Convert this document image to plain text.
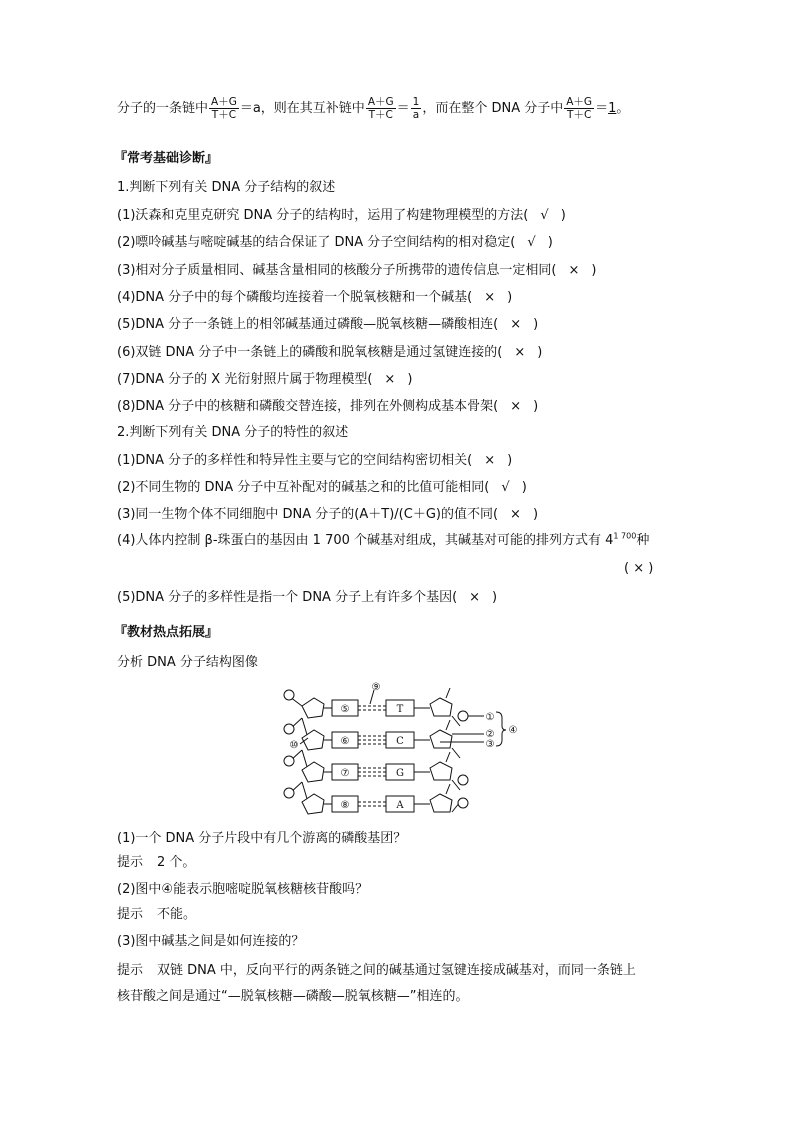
分子的一条链中 $\frac{A+G}{T+C} =a$，则在其互补链中 $\frac{A+G}{T+C} = \frac{1}{a}$ ，而在整个 DNA 分子中 $\frac{A+G}{T+C} =1$。
『常考基础诊断』
1.判断下列有关 DNA 分子结构的叙述
(1)沃森和克里克研究 DNA 分子的结构时，运用了构建物理模型的方法( √ )
(2)嘌呤碱基与嘧啶碱基的结合保证了 DNA 分子空间结构的相对稳定( √ )
(3)相对分子质量相同、碱基含量相同的核酸分子所携带的遗传信息一定相同( × )
(4)DNA 分子中的每个磷酸均连接着一个脱氧核糖和一个碱基( × )
(5)DNA 分子一条链上的相邻碱基通过磷酸—脱氧核糖—磷酸相连( × )
(6)双链 DNA 分子中一条链上的磷酸和脱氧核糖是通过氢键连接的( × )
(7)DNA 分子的 X 光衍射照片属于物理模型( × )
(8)DNA 分子中的核糖和磷酸交替连接，排列在外侧构成基本骨架( × )
2.判断下列有关 DNA 分子的特性的叙述
(1)DNA 分子的多样性和特异性主要与它的空间结构密切相关( × )
(2)不同生物的 DNA 分子中互补配对的碱基之和的比值可能相同( √ )
(3)同一生物个体不同细胞中 DNA 分子的(A＋T)/(C＋G)的值不同( × )
(4)人体内控制 β-珠蛋白的基因由 1 700 个碱基对组成，其碱基对可能的排列方式有 $4^{1 700}$种
( × )
(5)DNA 分子的多样性是指一个 DNA 分子上有许多个基因( × )
『教材热点拓展』
分析 DNA 分子结构图像
⑤
⑥
⑦
⑧
T
C
G
A
⑨
⑩
①
②
③
④
(1)一个 DNA 分子片段中有几个游离的磷酸基团？
提示 2 个。
(2)图中④能表示胞嘧啶脱氧核糖核苷酸吗？
提示 不能。
(3)图中碱基之间是如何连接的？
提示 双链 DNA 中，反向平行的两条链之间的碱基通过氢键连接成碱基对，而同一条链上
核苷酸之间是通过“—脱氧核糖—磷酸—脱氧核糖—”相连的。
